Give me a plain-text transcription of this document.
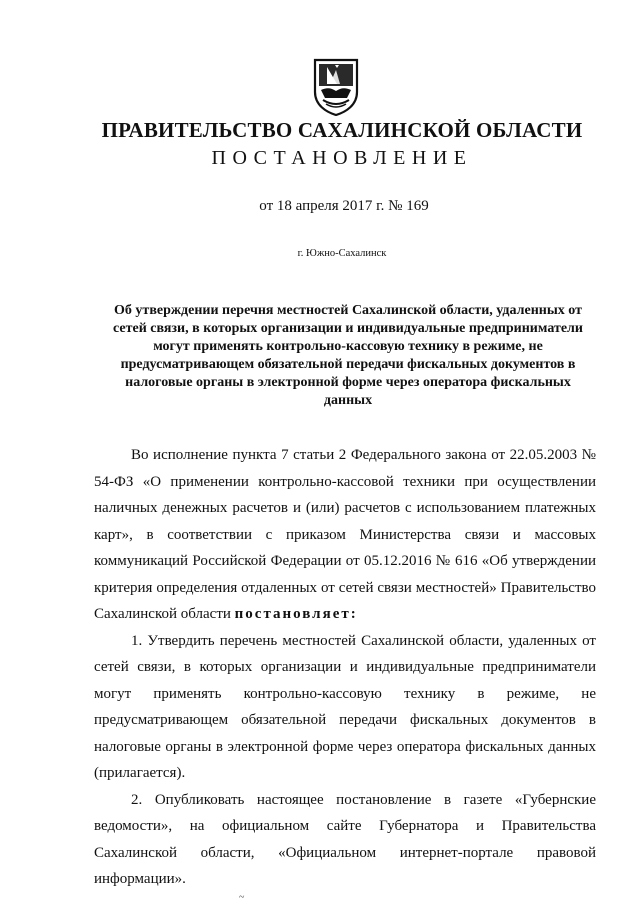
ПРАВИТЕЛЬСТВО САХАЛИНСКОЙ ОБЛАСТИ
ПОСТАНОВЛЕНИЕ
от 18 апреля 2017 г. № 169
г. Южно-Сахалинск
Об утверждении перечня местностей Сахалинской области, удаленных от сетей связи, в которых организации и индивидуальные предприниматели могут применять контрольно-кассовую технику в режиме, не предусматривающем обязательной передачи фискальных документов в налоговые органы в электронной форме через оператора фискальных данных

Во исполнение пункта 7 статьи 2 Федерального закона от 22.05.2003 № 54-ФЗ «О применении контрольно-кассовой техники при осуществлении наличных денежных расчетов и (или) расчетов с использованием платежных карт», в соответствии с приказом Министерства связи и массовых коммуникаций Российской Федерации от 05.12.2016 № 616 «Об утверждении критерия определения отдаленных от сетей связи местностей» Правительство Сахалинской области постановляет:

1. Утвердить перечень местностей Сахалинской области, удаленных от сетей связи, в которых организации и индивидуальные предприниматели могут применять контрольно-кассовую технику в режиме, не предусматривающем обязательной передачи фискальных документов в налоговые органы в электронной форме через оператора фискальных данных (прилагается).

2. Опубликовать настоящее постановление в газете «Губернские ведомости», на официальном сайте Губернатора и Правительства Сахалинской области, «Официальном интернет-портале правовой информации».

~
